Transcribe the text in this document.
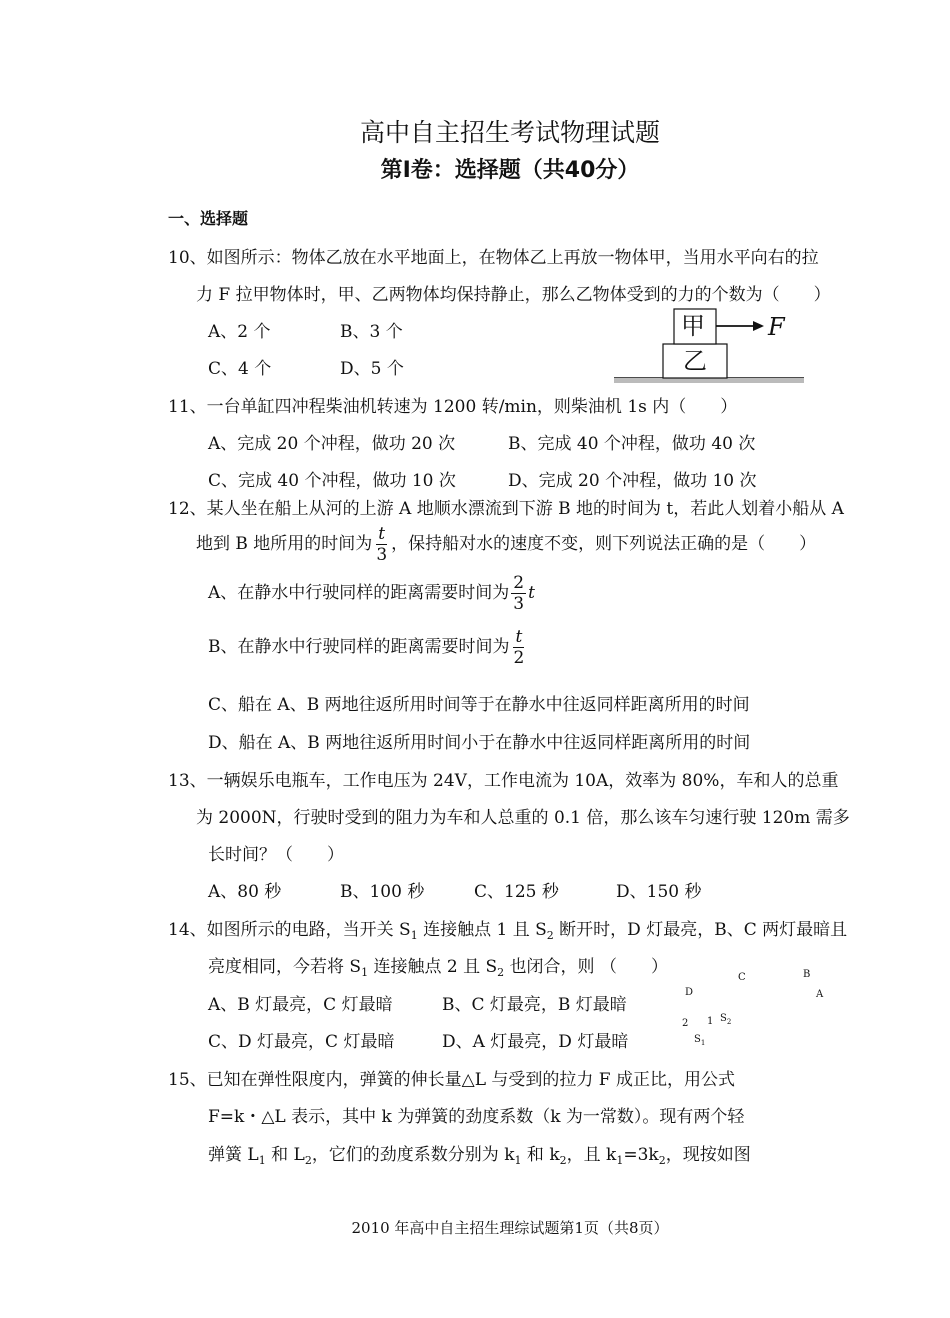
高中自主招生考试物理试题
第Ⅰ卷：选择题（共40分）
一、选择题
10、如图所示：物体乙放在水平地面上，在物体乙上再放一物体甲，当用水平向右的拉
力 F 拉甲物体时，甲、乙两物体均保持静止，那么乙物体受到的力的个数为（　　）
A、2 个	B、3 个
C、4 个	D、5 个
甲
乙
F
11、一台单缸四冲程柴油机转速为 1200 转/min，则柴油机 1s 内（　　）
A、完成 20 个冲程，做功 20 次	B、完成 40 个冲程，做功 40 次
C、完成 40 个冲程，做功 10 次	D、完成 20 个冲程，做功 10 次
12、某人坐在船上从河的上游 A 地顺水漂流到下游 B 地的时间为 t，若此人划着小船从 A
地到 B 地所用的时间为 $\frac{t}{3}$ ，保持船对水的速度不变，则下列说法正确的是（　　）
A、在静水中行驶同样的距离需要时间为 $\frac{2}{3}$ t
B、在静水中行驶同样的距离需要时间为 $\frac{t}{2}$
C、船在 A、B 两地往返所用时间等于在静水中往返同样距离所用的时间
D、船在 A、B 两地往返所用时间小于在静水中往返同样距离所用的时间
13、一辆娱乐电瓶车，工作电压为 24V，工作电流为 10A，效率为 80%，车和人的总重
为 2000N，行驶时受到的阻力为车和人总重的 0.1 倍，那么该车匀速行驶 120m 需多
长时间？（　　）
A、80 秒	B、100 秒	C、125 秒	D、150 秒
14、如图所示的电路，当开关 $S_1$ 连接触点 1 且 $S_2$ 断开时，D 灯最亮，B、C 两灯最暗且
亮度相同，今若将 $S_1$ 连接触点 2 且 $S_2$ 也闭合，则 （　　）
A、B 灯最亮，C 灯最暗	B、C 灯最亮，B 灯最暗
C、D 灯最亮，C 灯最暗	D、A 灯最亮，D 灯最暗
C	B
D	A
2 1 $S_2$
$S_1$
15、已知在弹性限度内，弹簧的伸长量△L 与受到的拉力 F 成正比，用公式
F=k・△L 表示，其中 k 为弹簧的劲度系数（k 为一常数）。现有两个轻
弹簧 $L_1$ 和 $L_2$，它们的劲度系数分别为 $k_1$ 和 $k_2$，且 $k_1=3k_2$，现按如图
2010 年高中自主招生理综试题第1页（共8页）
